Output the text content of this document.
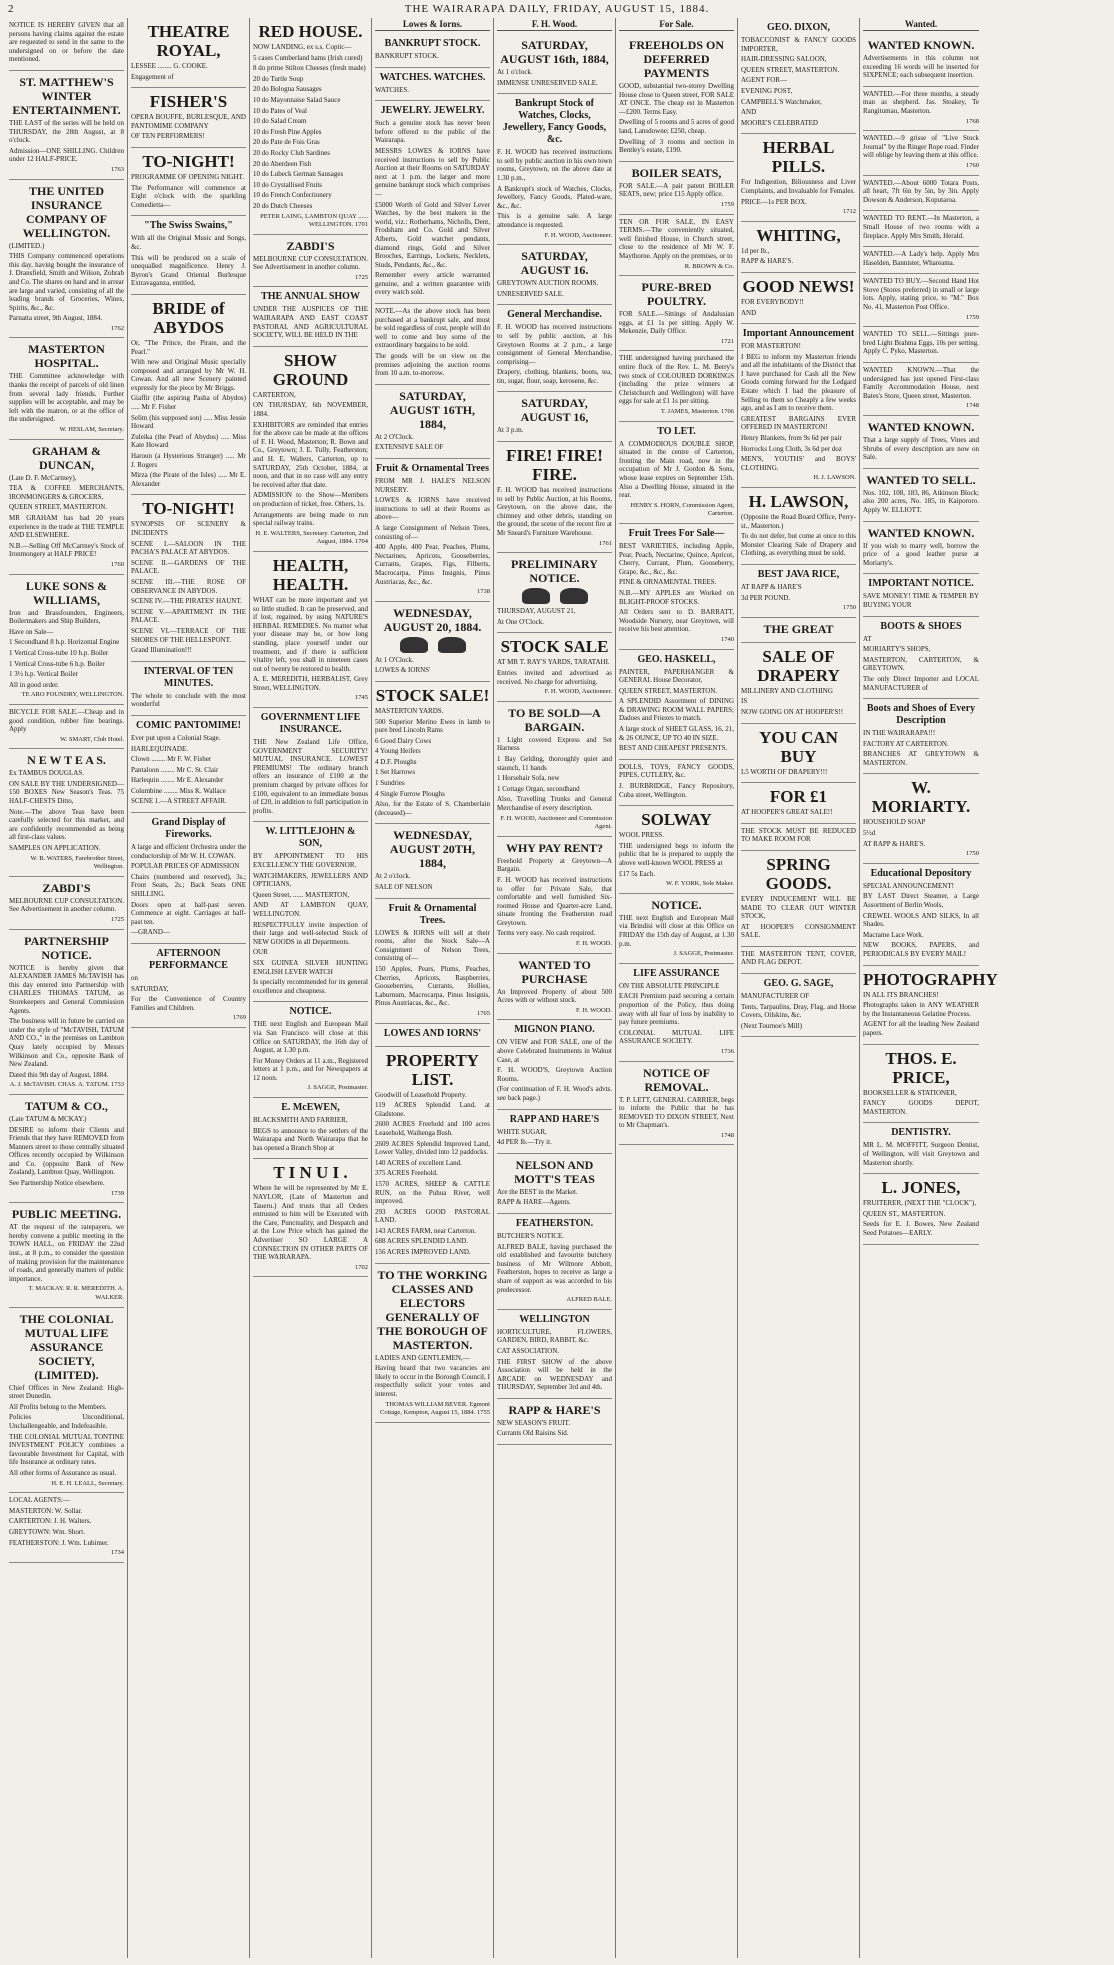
2	THE WAIRARAPA DAILY, FRIDAY, AUGUST 15, 1884.

NOTICE IS HEREBY GIVEN that all persons having claims against the estate are requested to send in the same to the undersigned on or before the date mentioned.

ST. MATTHEW'S WINTER ENTERTAINMENT.

THE LAST of the series will be held on THURSDAY, the 28th August, at 8 o'clock.

Admission—ONE SHILLING. Children under 12 HALF-PRICE.

1763
THE UNITED INSURANCE COMPANY OF WELLINGTON.

(LIMITED.)

THIS Company commenced operations this day, having bought the insurance of J. Dransfield, Smith and Wilson, Zohrab and Co. The shares on hand and in arrear are large and varied, consisting of all the leading brands of Groceries, Wines, Spirits, &c., &c.

Parnatta street, 9th August, 1884.

1762
MASTERTON HOSPITAL.

THE Committee acknowledge with thanks the receipt of parcels of old linen from several lady friends. Further supplies will be acceptable, and may be left with the matron, or at the office of the undersigned.

W. HESLAM, Secretary.
GRAHAM & DUNCAN,

(Late D. F. McCartney),

TEA & COFFEE MERCHANTS, IRONMONGERS & GROCERS,

QUEEN STREET, MASTERTON.

MR GRAHAM has had 20 years experience in the trade at THE TEMPLE AND ELSEWHERE.

N.B.—Selling Off McCartney's Stock of Ironmongery at HALF PRICE!

1760
LUKE SONS & WILLIAMS,

Iron and Brassfounders, Engineers, Boilermakers and Ship Builders,

Have on Sale—

1 Secondhand 8 h.p. Horizontal Engine

1 Vertical Cross-tube 10 h.p. Boiler

1 Vertical Cross-tube 6 h.p. Boiler

1 3½ h.p. Vertical Boiler

All in good order.

TE ARO FOUNDRY, WELLINGTON.

BICYCLE FOR SALE.—Cheap and in good condition, rubber fine bearings. Apply

W. SMART, Club Hotel.
N E W T E A S.

Ex TAMBUS DOUGLAS.

ON SALE BY THE UNDERSIGNED—150 BOXES New Season's Teas. 75 HALF-CHESTS Ditto,

Note.—The above Teas have been carefully selected for this market, and are confidently recommended as being all first-class values.

SAMPLES ON APPLICATION.

W. B. WATERS, Farebrother Street, Wellington.
ZABDI'S

MELBOURNE CUP CONSULTATION. See Advertisement in another column.

1725
PARTNERSHIP NOTICE.

NOTICE is hereby given that ALEXANDER JAMES McTAVISH has this day entered into Partnership with CHARLES THOMAS TATUM, as Storekeepers and General Commission Agents.

The business will in future be carried on under the style of "McTAVISH, TATUM AND CO.," in the premises on Lambton Quay lately occupied by Messrs Wilkinson and Co., opposite Bank of New Zealand.

Dated this 9th day of August, 1884.

A. J. McTAVISH. CHAS. A. TATUM. 1733
TATUM & CO.,

(Late TATUM & MCKAY.)

DESIRE to inform their Clients and Friends that they have REMOVED from Manners street to those centrally situated Offices recently occupied by Wilkinson and Co. (opposite Bank of New Zealand), Lambton Quay, Wellington.

See Partnership Notice elsewhere.

1739
PUBLIC MEETING.

AT the request of the ratepayers, we hereby convene a public meeting in the TOWN HALL, on FRIDAY the 22nd inst., at 8 p.m., to consider the question of making provision for the maintenance of roads, and generally matters of public importance.

T. MACKAY. R. R. MEREDITH. A. WALKER.
THE COLONIAL MUTUAL LIFE ASSURANCE SOCIETY, (LIMITED).

Chief Offices in New Zealand: High-street Dunedin.

All Profits belong to the Members.

Policies Unconditional, Unchallengeable, and Indefeasible.

THE COLONIAL MUTUAL TONTINE INVESTMENT POLICY combines a favourable Investment for Capital, with life Insurance at ordinary rates.

All other forms of Assurance as usual.

H. E. H. LEALL, Secretary.

LOCAL AGENTS:—

MASTERTON: W. Sollar.

CARTERTON: J. H. Walters.

GREYTOWN: Wm. Short.

FEATHERSTON: J. Wm. Lubimer.

1734
THEATRE ROYAL,

LESSEE ........ G. COOKE.

Engagement of

FISHER'S

OPERA BOUFFE, BURLESQUE, AND PANTOMIME COMPANY

OF TEN PERFORMERS!

TO-NIGHT!

PROGRAMME OF OPENING NIGHT.

The Performance will commence at Eight o'clock with the sparkling Comedietta—

"The Swiss Swains,"

With all the Original Music and Songs, &c.

This will be produced on a scale of unequalled magnificence. Henry J. Byron's Grand Oriental Burlesque Extravaganza, entitled,

BRIDE of ABYDOS

Or, "The Prince, the Pirate, and the Pearl."

With new and Original Music specially composed and arranged by Mr W. H. Cowan. And all new Scenery painted expressly for the piece by Mr Briggs.

Giaffir (the aspiring Pasha of Abydos) ..... Mr F. Fisher

Selim (his supposed son) ..... Miss Jessie Howard

Zuleika (the Pearl of Abydos) ..... Miss Kate Howard

Haroun (a Hysterious Stranger) ..... Mr J. Rogers

Mirza (the Pirate of the Isles) ..... Mr E. Alexander

TO-NIGHT!

SYNOPSIS OF SCENERY & INCIDENTS

SCENE I.—SALOON IN THE PACHA'S PALACE AT ABYDOS.

SCENE II.—GARDENS OF THE PALACE.

SCENE III.—THE ROSE OF OBSERVANCE IN ABYDOS.

SCENE IV.—THE PIRATES' HAUNT.

SCENE V.—APARTMENT IN THE PALACE.

SCENE VI.—TERRACE OF THE SHORES OF THE HELLESPONT.

Grand Illumination!!!

INTERVAL OF TEN MINUTES.

The whole to conclude with the most wonderful

COMIC PANTOMIME!

Ever put upon a Colonial Stage.

HARLEQUINADE.

Clown ........ Mr F. W. Fisher

Pantaloon ........ Mr C. St. Clair

Harlequin ........ Mr E. Alexander

Columbine ........ Miss K. Wallace

SCENE 1.—A STREET AFFAIR.

Grand Display of Fireworks.

A large and efficient Orchestra under the conductorship of Mr W. H. COWAN.

POPULAR PRICES OF ADMISSION

Chairs (numbered and reserved), 3s.; Front Seats, 2s.; Back Seats ONE SHILLING.

Doors open at half-past seven. Commence at eight. Carriages at half-past ten.

—GRAND—

AFTERNOON PERFORMANCE

on

SATURDAY,

For the Convenience of Country Families and Children.

1769
RED HOUSE.

NOW LANDING, ex s.s. Coptic—

5 cases Cumberland hams (Irish cured)

8 do prime Stilton Cheeses (fresh made)

20 do Turtle Soup

20 do Bologna Sausages

10 do Mayonnaise Salad Sauce

10 do Pates of Veal

10 do Salad Cream

10 do Fresh Pine Apples

20 do Pate de Fois Gras

20 do Rocky Club Sardines

20 do Aberdeen Fish

10 do Lubeck German Sausages

10 do Crystallised Fruits

10 do French Confectionery

20 do Dutch Cheeses

PETER LAING, LAMBTON QUAY ...... WELLINGTON. 1701
ZABDI'S

MELBOURNE CUP CONSULTATION. See Advertisement in another column.

1725
THE ANNUAL SHOW

UNDER THE AUSPICES OF THE WAIRARAPA AND EAST COAST PASTORAL AND AGRICULTURAL SOCIETY, WILL BE HELD IN THE

SHOW GROUND

CARTERTON,

ON THURSDAY, 6th NOVEMBER, 1884.

EXHIBITORS are reminded that entries for the above can be made at the offices of F. H. Wood, Masterton; R. Bown and Co., Greytown; J. E. Tully, Featherston; and H. E. Walters, Carterton, up to SATURDAY, 25th October, 1884, at noon, and that in no case will any entry be received after that date.

ADMISSION to the Show—Members on production of ticket, free. Others, 1s.

Arrangements are being made to run special railway trains.

H. E. WALTERS, Secretary. Carterton, 2nd August, 1884. 1704
HEALTH, HEALTH.

WHAT can be more important and yet so little studied. It can be preserved, and if lost, regained, by using NATURE'S HERBAL REMEDIES. No matter what your disease may be, or how long standing, place yourself under our treatment, and if there is sufficient vitality left, you shall in nineteen cases out of twenty be restored to health.

A. E. MEREDITH, HERBALIST, Grey Street, WELLINGTON.

1745
GOVERNMENT LIFE INSURANCE.

THE New Zealand Life Office, GOVERNMENT SECURITY! MUTUAL INSURANCE. LOWEST PREMIUMS! The ordinary branch offers an insurance of £100 at the premium charged by private offices for £100, equivalent to an immediate bonus of £20, in addition to full participation in profits.

W. LITTLEJOHN & SON,

BY APPOINTMENT TO HIS EXCELLENCY THE GOVERNOR.

WATCHMAKERS, JEWELLERS AND OPTICIANS,

Queen Street, ...... MASTERTON,

AND AT LAMBTON QUAY, WELLINGTON.

RESPECTFULLY invite inspection of their large and well-selected Stock of NEW GOODS in all Departments.

OUR

SIX GUINEA SILVER HUNTING ENGLISH LEVER WATCH

Is specially recommended for its general excellence and cheapness.

NOTICE.

THE next English and European Mail via San Francisco will close at this Office on SATURDAY, the 16th day of August, at 1.30 p.m.

For Money Orders at 11 a.m., Registered letters at 1 p.m., and for Newspapers at 12 noon.

J. SAGGE, Postmaster.
E. McEWEN,

BLACKSMITH AND FARRIER,

BEGS to announce to the settlers of the Wairarapa and North Wairarapa that he has opened a Branch Shop at

T I N U I .

Where he will be represented by Mr E. NAYLOR, (Late of Masterton and Taueru.) And trusts that all Orders entrusted to him will be Executed with the Care, Punctuality, and Despatch and at the Low Price which has gained the Advertiser SO LARGE A CONNECTION IN OTHER PARTS OF THE WAIRARAPA.

1702
Lowes & Iorns.
BANKRUPT STOCK.

BANKRUPT STOCK.

WATCHES. WATCHES.

WATCHES.

JEWELRY. JEWELRY.

Such a genuine stock has never been before offered to the public of the Wairarapa.

MESSRS LOWES & IORNS have received instructions to sell by Public Auction at their Rooms on SATURDAY next at 1 p.m. the larger and more genuine bankrupt stock which comprises—

£5000 Worth of Gold and Silver Lever Watches, by the best makers in the world, viz.: Rotherhams, Nicholls, Dent, Frodsham and Co. Gold and Silver Alberts, Gold watchet pendants, diamond rings, Gold and Silver Brooches, Earrings, Lockets, Necklets, Studs, Pendants, &c., &c.

Remember every article warranted genuine, and a written guarantee with every watch sold.

NOTE.—As the above stock has been purchased at a bankrupt sale, and must be sold regardless of cost, people will do well to come and buy some of the extraordinary bargains to be sold.

The goods will be on view on the premises adjoining the auction rooms from 10 a.m. to-morrow.

SATURDAY, AUGUST 16TH, 1884,

At 2 O'Clock.

EXTENSIVE SALE OF

Fruit & Ornamental Trees

FROM MR J. HALE'S NELSON NURSERY.

LOWES & IORNS have received instructions to sell at their Rooms as above—

A large Consignment of Nelson Trees, consisting of—

400 Apple, 400 Pear, Peaches, Plums, Nectarines, Apricots, Gooseberries, Currants, Grapes, Figs, Filberts, Macrocarpa, Pinus Insignis, Pinus Austriacas, &c., &c.

1738
WEDNESDAY, AUGUST 20, 1884.

At 1 O'Clock.

LOWES & IORNS'

STOCK SALE!

MASTERTON YARDS.

500 Superior Merino Ewes in lamb to pure bred Lincoln Rams

6 Good Dairy Cows

4 Young Heifers

4 D.F. Ploughs

1 Set Harrows

1 Sundries

4 Single Furrow Ploughs

Also, for the Estate of S. Chamberlain (deceased)—

WEDNESDAY, AUGUST 20TH, 1884,

At 2 o'clock.

SALE OF NELSON

Fruit & Ornamental Trees.

LOWES & IORNS will sell at their rooms, after the Stock Sale—A Consignment of Nelson Trees, consisting of—

150 Apples, Pears, Plums, Peaches, Cherries, Apricots, Raspberries, Gooseberries, Currants, Hollies, Laburnum, Macrocarpa, Pinus Insignis, Pinus Austriacas, &c., &c.

1765
LOWES AND IORNS'
PROPERTY LIST.

Goodwill of Leasehold Property.

119 ACRES Splendid Land, at Gladstone.

2600 ACRES Freehold and 100 acres Leasehold, Waihenga Bush.

2609 ACRES Splendid Improved Land, Lower Valley, divided into 12 paddocks.

140 ACRES of excellent Land.

375 ACRES Freehold.

1570 ACRES, SHEEP & CATTLE RUN, on the Puhua River, well improved.

293 ACRES GOOD PASTORAL LAND.

143 ACRES FARM, near Carterton.

688 ACRES SPLENDID LAND.

156 ACRES IMPROVED LAND.

TO THE WORKING CLASSES AND ELECTORS GENERALLY OF THE BOROUGH OF MASTERTON.

LADIES AND GENTLEMEN,—

Having heard that two vacancies are likely to occur in the Borough Council, I respectfully solicit your votes and interest.

THOMAS WILLIAM BEVER. Egmont Cottage, Kempton, August 15, 1884. 1755
F. H. Wood.
SATURDAY, AUGUST 16th, 1884,

At 1 o'clock.

IMMENSE UNRESERVED SALE.

Bankrupt Stock of Watches, Clocks, Jewellery, Fancy Goods, &c.

F. H. WOOD has received instructions to sell by public auction in his own town rooms, Greytown, on the above date at 1.30 p.m.,

A Bankrupt's stock of Watches, Clocks, Jewellery, Fancy Goods, Plated-ware, &c., &c.

This is a genuine sale. A large attendance is requested.

F. H. WOOD, Auctioneer.
SATURDAY, AUGUST 16.

GREYTOWN AUCTION ROOMS.

UNRESERVED SALE.

General Merchandise.

F. H. WOOD has received instructions to sell by public auction, at his Greytown Rooms at 2 p.m., a large consignment of General Merchandise, comprising—

Drapery, clothing, blankets, boots, tea, tin, sugar, flour, soap, kerosene, &c.

SATURDAY, AUGUST 16,

At 3 p.m.

FIRE! FIRE! FIRE.

F. H. WOOD has received instructions to sell by Public Auction, at his Rooms, Greytown, on the above date, the chimney and other debris, standing on the ground, the scene of the recent fire at Mr Sneard's Furniture Warehouse.

1761
PRELIMINARY NOTICE.

THURSDAY, AUGUST 21,

At One O'Clock.

STOCK SALE

AT MR T. RAY'S YARDS, TARATAHI.

Entries invited and advertised as received. No charge for advertising.

F. H. WOOD, Auctioneer.
TO BE SOLD—A BARGAIN.

1 Light covered Express and Set Harness

1 Bay Gelding, thoroughly quiet and staunch, 11 hands

1 Horsehair Sofa, new

1 Cottage Organ, secondhand

Also, Travelling Trunks and General Merchandise of every description.

F. H. WOOD, Auctioneer and Commission Agent.
WHY PAY RENT?

Freehold Property at Greytown—A Bargain.

F. H. WOOD has received instructions to offer for Private Sale, that comfortable and well furnished Six-roomed House and Quarter-acre Land, situate fronting the Featherston road Greytown.

Terms very easy. No cash required.

F. H. WOOD.
WANTED TO PURCHASE

An Improved Property of about 500 Acres with or without stock.

F. H. WOOD.
MIGNON PIANO.

ON VIEW and FOR SALE, one of the above Celebrated Instruments in Walnut Case, at

F. H. WOOD'S, Greytown Auction Rooms.

(For continuation of F. H. Wood's advts. see back page.)

RAPP AND HARE'S

WHITE SUGAR,

4d PER lb.—Try it.

NELSON AND MOTT'S TEAS

Are the BEST in the Market.

RAPP & HARE—Agents.

FEATHERSTON.

BUTCHER'S NOTICE.

ALFRED BALE, having purchased the old established and favourite butchery business of Mr Wilmore Abbott, Featherston, hopes to receive as large a share of support as was accorded to his predecessor.

ALFRED BALE.
WELLINGTON

HORTICULTURE, FLOWERS, GARDEN, BIRD, RABBIT, &c.

CAT ASSOCIATION.

THE FIRST SHOW of the above Association will be held in the ARCADE on WEDNESDAY and THURSDAY, September 3rd and 4th.

RAPP & HARE'S

NEW SEASON'S FRUIT.

Currants Old Raisins Sid.

For Sale.
FREEHOLDS ON DEFERRED PAYMENTS

GOOD, substantial two-storey Dwelling House close to Queen street, FOR SALE AT ONCE. The cheap est in Masterton—£200. Terms Easy.

Dwelling of 5 rooms and 5 acres of good land, Lansdowne; £250, cheap.

Dwelling of 3 rooms and section in Bentley's estate, £190.

BOILER SEATS,

FOR SALE.—A pair patent BOILER SEATS, new; price £15 Apply office.

1759

TEN OR FOR SALE, IN EASY TERMS.—The conveniently situated, well finished House, in Church street, close to the residence of Mr W. F. Maythorne. Apply on the premises, or to

R. BROWN & Co.
PURE-BRED POULTRY.

FOR SALE.—Sittings of Andalusian eggs, at £1 1s per sitting. Apply W. Mekenzie, Daily Office.

1721

THE undersigned having purchased the entire flock of the Rev. L. M. Berry's two stock of COLOURED DORKINGS (including the prize winners at Christchurch and Wellington) will have eggs for sale at £1 1s per sitting.

T. JAMES, Masterton. 1706
TO LET.

A COMMODIOUS DOUBLE SHOP, situated in the centre of Carterton, fronting the Main road, now in the occupation of Mr J. Gordon & Sons, whose lease expires on September 15th. Also a Dwelling House, situated in the rear.

HENRY S. HORN, Commission Agent, Carterton.
Fruit Trees For Sale—

BEST VARIETIES, including Apple, Pear, Peach, Nectarine, Quince, Apricot, Cherry, Currant, Plum, Gooseberry, Grape, &c., &c., &c.

PINE & ORNAMENTAL TREES.

N.B.—MY APPLES are Worked on BLIGHT-PROOF STOCKS.

All Orders sent to D. BARRATT, Woodside Nursery, near Greytown, will receive his best attention.

1740
GEO. HASKELL,

PAINTER, PAPERHANGER & GENERAL House Decorator,

QUEEN STREET, MASTERTON.

A SPLENDID Assortment of DINING & DRAWING ROOM WALL PAPERS; Dadoes and Friezes to match.

A large stock of SHEET GLASS, 16, 21, & 26 OUNCE, UP TO 40 IN SIZE.

BEST AND CHEAPEST PRESENTS.

DOLLS, TOYS, FANCY GOODS, PIPES, CUTLERY, &c.

J. BURBRIDGE, Fancy Repository, Cuba street, Wellington.

SOLWAY

WOOL PRESS.

THE undersigned begs to inform the public that he is prepared to supply the above well-known WOOL PRESS at

£17 5s Each.

W. F. YORK, Sole Maker.
NOTICE.

THE next English and European Mail via Brindisi will close at this Office on FRIDAY the 15th day of August, at 1.30 p.m.

J. SAGGE, Postmaster.
LIFE ASSURANCE

ON THE ABSOLUTE PRINCIPLE

EACH Premium paid securing a certain proportion of the Policy, thus doing away with all fear of loss by inability to pay future premiums.

COLONIAL MUTUAL LIFE ASSURANCE SOCIETY.

1736
NOTICE OF REMOVAL.

T. P. LETT, GENERAL CARRIER, begs to inform the Public that he has REMOVED TO DIXON STREET, Next to Mr Chapman's.

1748
GEO. DIXON,

TOBACCONIST & FANCY GOODS IMPORTER,

HAIR-DRESSING SALOON,

QUEEN STREET, MASTERTON.

AGENT FOR—

EVENING POST,

CAMPBELL'S Watchmaker,

AND

MOORE'S CELEBRATED

HERBAL PILLS.

For Indigestion, Biliousness and Liver Complaints, and Invaluable for Females.

PRICE—1s PER BOX.

1712
WHITING,

1d per lb.,

RAPP & HARE'S.

GOOD NEWS!

FOR EVERYBODY!!

AND

Important Announcement

FOR MASTERTON!

I BEG to inform my Masterton friends and all the inhabitants of the District that I have purchased for Cash all the New Goods coming forward for the Ledgard Estate which I had the pleasure of Selling to them so Cheaply a few weeks ago, and as I am to receive them.

GREATEST BARGAINS EVER OFFERED IN MASTERTON!

Henry Blankets, from 9s 6d per pair

Horrocks Long Cloth, 3s 6d per doz

MEN'S, YOUTHS' and BOYS' CLOTHING.

H. J. LAWSON.
H. LAWSON,

(Opposite the Road Board Office, Perry-st., Masterton.)

To do not defer, but come at once to this Monster Clearing Sale of Drapery and Clothing, as everything must be sold.

BEST JAVA RICE,

AT RAPP & HARE'S

3d PER POUND.

1750
THE GREAT
SALE OF DRAPERY

MILLINERY AND CLOTHING

IS

NOW GOING ON AT HOOPER'S!!

YOU CAN BUY

L5 WORTH OF DRAPERY!!!

FOR £1

AT HOOPER'S GREAT SALE!!

THE STOCK MUST BE REDUCED TO MAKE ROOM FOR

SPRING GOODS.

EVERY INDUCEMENT WILL BE MADE TO CLEAR OUT WINTER STOCK,

AT HOOPER'S CONSIGNMENT SALE.

THE MASTERTON TENT, COVER, AND FLAG DEPOT.

GEO. G. SAGE,

MANUFACTURER OF

Tents, Tarpaulins, Dray, Flag, and Horse Covers, Oilskins, &c.

(Next Tournoe's Mill)

Wanted.
WANTED KNOWN.

Advertisements in this column not exceeding 16 words will be inserted for SIXPENCE; each subsequent insertion.

WANTED.—For three months, a steady man as shepherd. Jas. Stoakey, Te Rangitumau, Masterton.

1768

WANTED.—9 grisse of "Live Stock Journal" by the Ringer Rope road. Finder will oblige by leaving them at this office.

1760

WANTED.—About 6000 Totara Posts, all heart, 7ft 6in by 5in, by 3in. Apply Dowson & Anderson, Koputaroa.

WANTED TO RENT.—In Masterton, a Small House of two rooms with a fireplace. Apply Mrs Smith, Herald.

WANTED.—A Lady's help. Apply Mrs Haselden, Bannister, Whareama.

WANTED TO BUY.—Second Hand Hot Stove (Stores preferred) in small or large lots. Apply, stating price, to "M." Box No. 41, Masterton Post Office.

1759

WANTED TO SELL.—Sittings pure-bred Light Brahma Eggs, 10s per setting. Apply C. Pyko, Masterton.

WANTED KNOWN.—That the undersigned has just opened First-class Family Accommodation House, next Bates's Store, Queen street, Masterton.

1748
WANTED KNOWN.

That a large supply of Trees, Vines and Shrubs of every description are now on Sale.

WANTED TO SELL.

Nos. 102, 108, 183, 86, Atkinson Block; also 200 acres, No. 185, in Kaipororo. Apply W. ELLIOTT.

WANTED KNOWN.

If you wish to marry well, borrow the price of a good leather purse at Moriarty's.

IMPORTANT NOTICE.

SAVE MONEY! TIME & TEMPER BY BUYING YOUR

BOOTS & SHOES

AT

MORIARTY'S SHOPS,

MASTERTON, CARTERTON, & GREYTOWN.

The only Direct Importer and LOCAL MANUFACTURER of

Boots and Shoes of Every Description

IN THE WAIRARAPA!!!

FACTORY AT CARTERTON.

BRANCHES AT GREYTOWN & MASTERTON.

W. MORIARTY.

HOUSEHOLD SOAP

5½d

AT RAPP & HARE'S.

1750
Educational Depository

SPECIAL ANNOUNCEMENT!

BY LAST Direct Steamer, a Large Assortment of Berlin Wools,

CREWEL WOOLS AND SILKS, In all Shades.

Macrame Lace Work.

NEW BOOKS, PAPERS, and PERIODICALS BY EVERY MAIL!

PHOTOGRAPHY

IN ALL ITS BRANCHES!

Photographs taken in ANY WEATHER by the Instantaneous Gelatine Process.

AGENT for all the leading New Zealand papers.

THOS. E. PRICE,

BOOKSELLER & STATIONER,

FANCY GOODS DEPOT, MASTERTON.

DENTISTRY.

MR L. M. MOFFITT, Surgeon Dentist, of Wellington, will visit Greytown and Masterton shortly.

L. JONES,

FRUITERER, (NEXT THE "CLOCK"),

QUEEN ST., MASTERTON.

Seeds for E. J. Bowes, New Zealand Seed Potatoes—EARLY.
